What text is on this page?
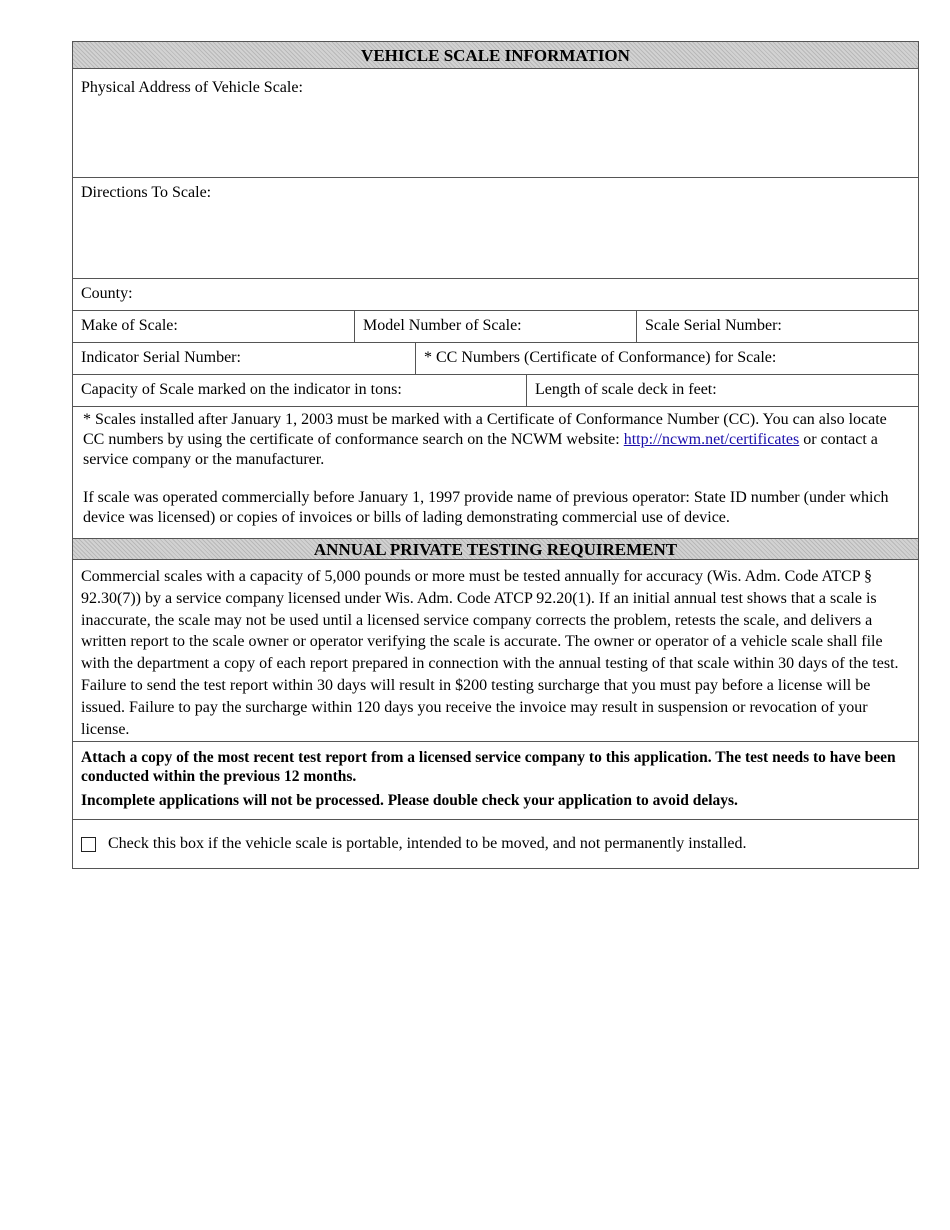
VEHICLE SCALE INFORMATION
Physical Address of Vehicle Scale:
Directions To Scale:
County:
Make of Scale:	Model Number of Scale:	Scale Serial Number:
Indicator Serial Number:	* CC Numbers (Certificate of Conformance) for Scale:
Capacity of Scale marked on the indicator in tons:	Length of scale deck in feet:

* Scales installed after January 1, 2003 must be marked with a Certificate of Conformance Number (CC). You can also locate CC numbers by using the certificate of conformance search on the NCWM website: http://ncwm.net/certificates or contact a service company or the manufacturer.

If scale was operated commercially before January 1, 1997 provide name of previous operator: State ID number (under which device was licensed) or copies of invoices or bills of lading demonstrating commercial use of device.

ANNUAL PRIVATE TESTING REQUIREMENT
Commercial scales with a capacity of 5,000 pounds or more must be tested annually for accuracy (Wis. Adm. Code ATCP § 92.30(7)) by a service company licensed under Wis. Adm. Code ATCP 92.20(1). If an initial annual test shows that a scale is inaccurate, the scale may not be used until a licensed service company corrects the problem, retests the scale, and delivers a written report to the scale owner or operator verifying the scale is accurate. The owner or operator of a vehicle scale shall file with the department a copy of each report prepared in connection with the annual testing of that scale within 30 days of the test. Failure to send the test report within 30 days will result in $200 testing surcharge that you must pay before a license will be issued. Failure to pay the surcharge within 120 days you receive the invoice may result in suspension or revocation of your license.

Attach a copy of the most recent test report from a licensed service company to this application. The test needs to have been conducted within the previous 12 months.

Incomplete applications will not be processed. Please double check your application to avoid delays.

Check this box if the vehicle scale is portable, intended to be moved, and not permanently installed.
